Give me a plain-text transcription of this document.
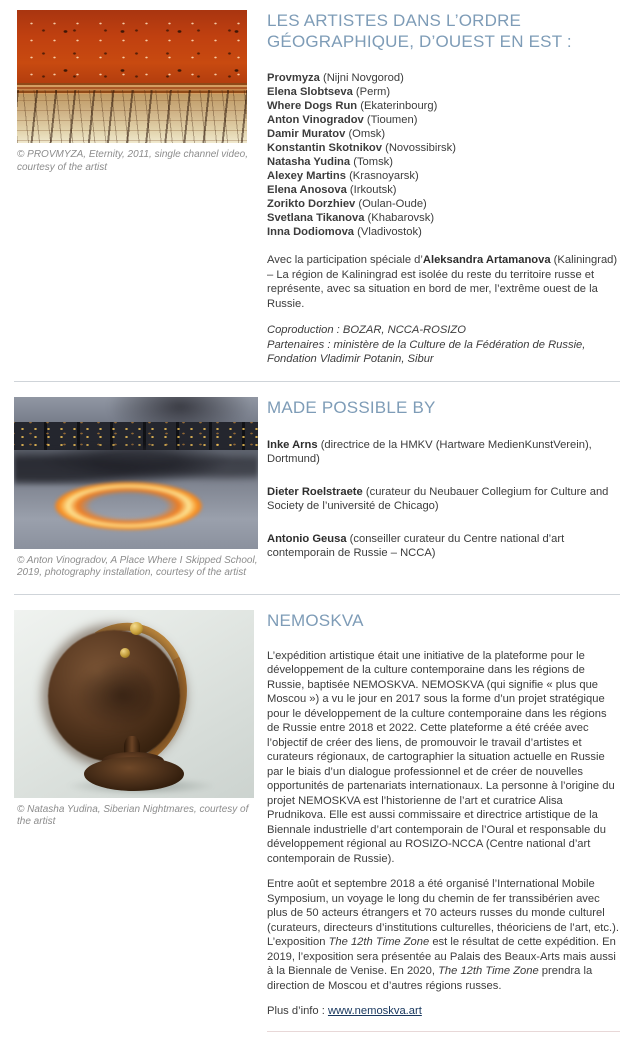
© PROVMYZA, Eternity, 2011, single channel video, courtesy of the artist

LES ARTISTES DANS L’ORDRE GÉOGRAPHIQUE, D’OUEST EN EST :
Provmyza (Nijni Novgorod)
Elena Slobtseva (Perm)
Where Dogs Run (Ekaterinbourg)
Anton Vinogradov (Tioumen)
Damir Muratov (Omsk)
Konstantin Skotnikov (Novossibirsk)
Natasha Yudina (Tomsk)
Alexey Martins (Krasnoyarsk)
Elena Anosova (Irkoutsk)
Zorikto Dorzhiev (Oulan-Oude)
Svetlana Tikanova (Khabarovsk)
Inna Dodiomova (Vladivostok)

Avec la participation spéciale d’Aleksandra Artamanova (Kaliningrad) – La région de Kaliningrad est isolée du reste du territoire russe et représente, avec sa situation en bord de mer, l’extrême ouest de la Russie.

Coproduction : BOZAR, NCCA-ROSIZO
Partenaires : ministère de la Culture de la Fédération de Russie, Fondation Vladimir Potanin, Sibur

© Anton Vinogradov, A Place Where I Skipped School, 2019, photography installation, courtesy of the artist

MADE POSSIBLE BY

Inke Arns (directrice de la HMKV (Hartware MedienKunstVerein), Dortmund)

Dieter Roelstraete (curateur du Neubauer Collegium for Culture and Society de l’université de Chicago)

Antonio Geusa (conseiller curateur du Centre national d’art contemporain de Russie – NCCA)

© Natasha Yudina, Siberian Nightmares, courtesy of the artist

NEMOSKVA

L’expédition artistique était une initiative de la plateforme pour le développement de la culture contemporaine dans les régions de Russie, baptisée NEMOSKVA. NEMOSKVA (qui signifie « plus que Moscou ») a vu le jour en 2017 sous la forme d’un projet stratégique pour le développement de la culture contemporaine dans les régions de Russie entre 2018 et 2022. Cette plateforme a été créée avec l’objectif de créer des liens, de promouvoir le travail d’artistes et curateurs régionaux, de cartographier la situation actuelle en Russie par le biais d’un dialogue professionnel et de créer de nouvelles opportunités de partenariats internationaux. La personne à l’origine du projet NEMOSKVA est l’historienne de l’art et curatrice Alisa Prudnikova. Elle est aussi commissaire et directrice artistique de la Biennale industrielle d’art contemporain de l’Oural et responsable du développement régional au ROSIZO-NCCA (Centre national d’art contemporain de Russie).

Entre août et septembre 2018 a été organisé l’International Mobile Symposium, un voyage le long du chemin de fer transsibérien avec plus de 50 acteurs étrangers et 70 acteurs russes du monde culturel (curateurs, directeurs d’institutions culturelles, théoriciens de l’art, etc.). L’exposition The 12th Time Zone est le résultat de cette expédition. En 2019, l’exposition sera présentée au Palais des Beaux-Arts mais aussi à la Biennale de Venise. En 2020, The 12th Time Zone prendra la direction de Moscou et d’autres régions russes.

Plus d’info : www.nemoskva.art
